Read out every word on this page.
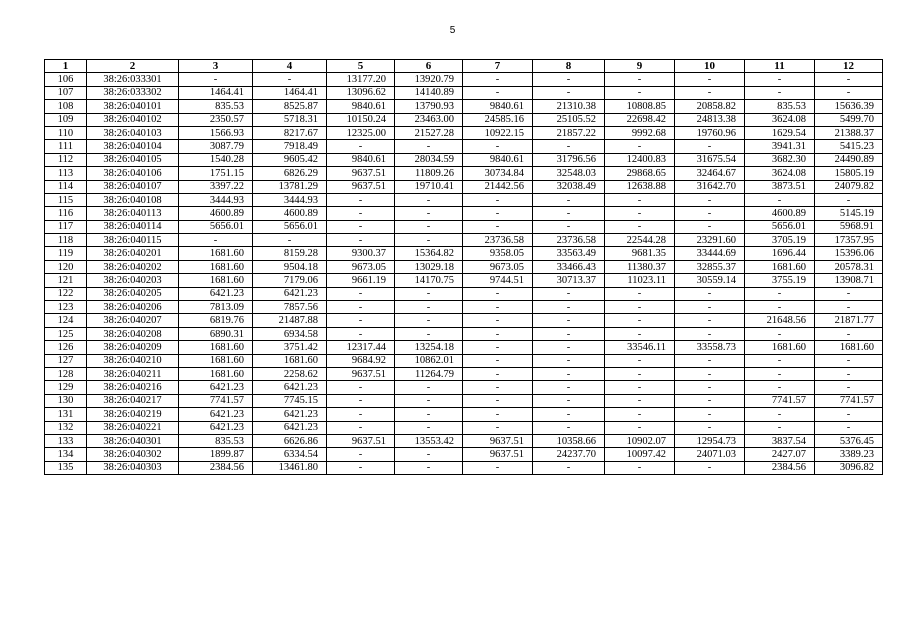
5
1	2	3	4	5	6	7	8	9	10	11	12
106	38:26:033301	-	-	13177.20	13920.79	-	-	-	-	-	-
107	38:26:033302	1464.41	1464.41	13096.62	14140.89	-	-	-	-	-	-
108	38:26:040101	835.53	8525.87	9840.61	13790.93	9840.61	21310.38	10808.85	20858.82	835.53	15636.39
109	38:26:040102	2350.57	5718.31	10150.24	23463.00	24585.16	25105.52	22698.42	24813.38	3624.08	5499.70
110	38:26:040103	1566.93	8217.67	12325.00	21527.28	10922.15	21857.22	9992.68	19760.96	1629.54	21388.37
111	38:26:040104	3087.79	7918.49	-	-	-	-	-	-	3941.31	5415.23
112	38:26:040105	1540.28	9605.42	9840.61	28034.59	9840.61	31796.56	12400.83	31675.54	3682.30	24490.89
113	38:26:040106	1751.15	6826.29	9637.51	11809.26	30734.84	32548.03	29868.65	32464.67	3624.08	15805.19
114	38:26:040107	3397.22	13781.29	9637.51	19710.41	21442.56	32038.49	12638.88	31642.70	3873.51	24079.82
115	38:26:040108	3444.93	3444.93	-	-	-	-	-	-	-	-
116	38:26:040113	4600.89	4600.89	-	-	-	-	-	-	4600.89	5145.19
117	38:26:040114	5656.01	5656.01	-	-	-	-	-	-	5656.01	5968.91
118	38:26:040115	-	-	-	-	23736.58	23736.58	22544.28	23291.60	3705.19	17357.95
119	38:26:040201	1681.60	8159.28	9300.37	15364.82	9358.05	33563.49	9681.35	33444.69	1696.44	15396.06
120	38:26:040202	1681.60	9504.18	9673.05	13029.18	9673.05	33466.43	11380.37	32855.37	1681.60	20578.31
121	38:26:040203	1681.60	7179.06	9661.19	14170.75	9744.51	30713.37	11023.11	30559.14	3755.19	13908.71
122	38:26:040205	6421.23	6421.23	-	-	-	-	-	-	-	-
123	38:26:040206	7813.09	7857.56	-	-	-	-	-	-	-	-
124	38:26:040207	6819.76	21487.88	-	-	-	-	-	-	21648.56	21871.77
125	38:26:040208	6890.31	6934.58	-	-	-	-	-	-	-	-
126	38:26:040209	1681.60	3751.42	12317.44	13254.18	-	-	33546.11	33558.73	1681.60	1681.60
127	38:26:040210	1681.60	1681.60	9684.92	10862.01	-	-	-	-	-	-
128	38:26:040211	1681.60	2258.62	9637.51	11264.79	-	-	-	-	-	-
129	38:26:040216	6421.23	6421.23	-	-	-	-	-	-	-	-
130	38:26:040217	7741.57	7745.15	-	-	-	-	-	-	7741.57	7741.57
131	38:26:040219	6421.23	6421.23	-	-	-	-	-	-	-	-
132	38:26:040221	6421.23	6421.23	-	-	-	-	-	-	-	-
133	38:26:040301	835.53	6626.86	9637.51	13553.42	9637.51	10358.66	10902.07	12954.73	3837.54	5376.45
134	38:26:040302	1899.87	6334.54	-	-	9637.51	24237.70	10097.42	24071.03	2427.07	3389.23
135	38:26:040303	2384.56	13461.80	-	-	-	-	-	-	2384.56	3096.82
